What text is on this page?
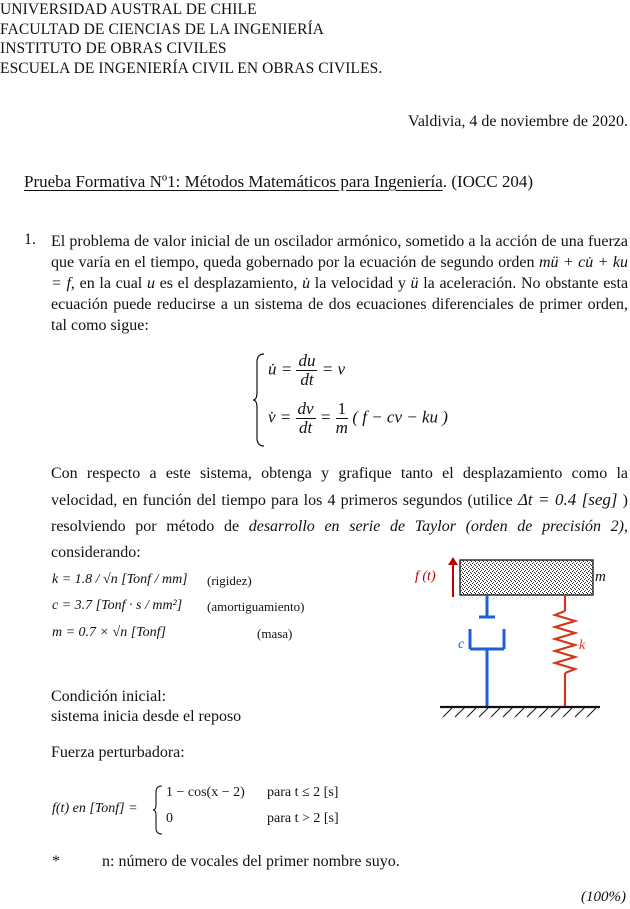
UNIVERSIDAD AUSTRAL DE CHILE
FACULTAD DE CIENCIAS DE LA INGENIERÍA
INSTITUTO DE OBRAS CIVILES
ESCUELA DE INGENIERÍA CIVIL EN OBRAS CIVILES.
Valdivia, 4 de noviembre de 2020.
Prueba Formativa Nº1: Métodos Matemáticos para Ingeniería. (IOCC 204)
1. El problema de valor inicial de un oscilador armónico, sometido a la acción de una fuerza que varía en el tiempo, queda gobernado por la ecuación de segundo orden mü + cu̇ + ku = f, en la cual u es el desplazamiento, u̇ la velocidad y ü la aceleración. No obstante esta ecuación puede reducirse a un sistema de dos ecuaciones diferenciales de primer orden, tal como sigue:
u̇ = $\frac{du}{dt} = v$
v̇ = $\frac{dv}{dt} = \frac{1}{m}$ ( f − cv − ku )
Con respecto a este sistema, obtenga y grafique tanto el desplazamiento como la velocidad, en función del tiempo para los 4 primeros segundos (utilice Δt = 0.4 [seg] ) resolviendo por método de desarrollo en serie de Taylor (orden de precisión 2), considerando:
k = 1.8 / √n [Tonf / mm] (rigidez)
c = 3.7 [Tonf · s / mm²] (amortiguamiento)
m = 0.7 × √n [Tonf]	(masa)
Condición inicial:
sistema inicia desde el reposo
Fuerza perturbadora:
f(t) en [Tonf] =
1 − cos(x − 2) para t ≤ 2 [s]
0	para t > 2 [s]
*	n: número de vocales del primer nombre suyo.
(100%)
f (t)	m
c	k
